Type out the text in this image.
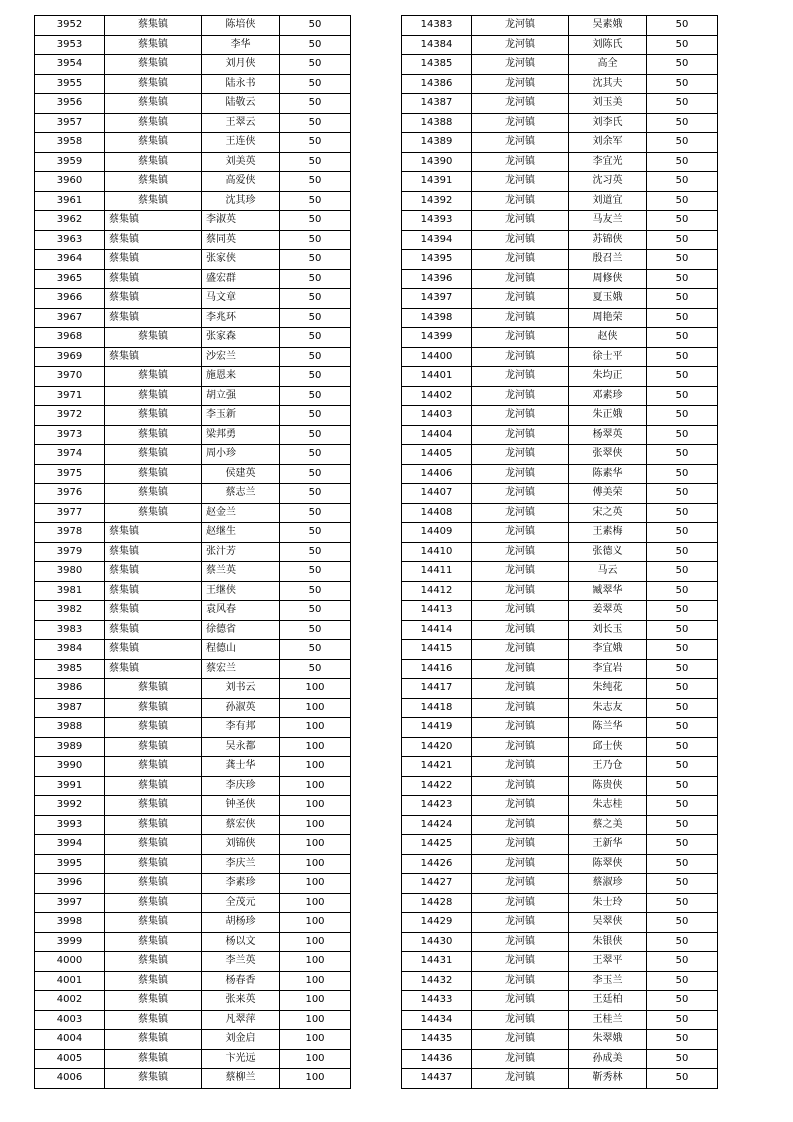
3952	蔡集镇	陈培侠	50
3953	蔡集镇	李华	50
3954	蔡集镇	刘月侠	50
3955	蔡集镇	陆永书	50
3956	蔡集镇	陆敬云	50
3957	蔡集镇	王翠云	50
3958	蔡集镇	王连侠	50
3959	蔡集镇	刘美英	50
3960	蔡集镇	高爱侠	50
3961	蔡集镇	沈其珍	50
3962	蔡集镇	李淑英	50
3963	蔡集镇	蔡同英	50
3964	蔡集镇	张家侠	50
3965	蔡集镇	盛宏群	50
3966	蔡集镇	马文章	50
3967	蔡集镇	李兆环	50
3968	蔡集镇	张家森	50
3969	蔡集镇	沙宏兰	50
3970	蔡集镇	施恩来	50
3971	蔡集镇	胡立强	50
3972	蔡集镇	李玉新	50
3973	蔡集镇	梁邦勇	50
3974	蔡集镇	周小珍	50
3975	蔡集镇	侯建英	50
3976	蔡集镇	蔡志兰	50
3977	蔡集镇	赵金兰	50
3978	蔡集镇	赵继生	50
3979	蔡集镇	张汁芳	50
3980	蔡集镇	蔡兰英	50
3981	蔡集镇	王继侠	50
3982	蔡集镇	袁风春	50
3983	蔡集镇	徐德省	50
3984	蔡集镇	程德山	50
3985	蔡集镇	蔡宏兰	50
3986	蔡集镇	刘书云	100
3987	蔡集镇	孙淑英	100
3988	蔡集镇	李有邦	100
3989	蔡集镇	吴永都	100
3990	蔡集镇	龚士华	100
3991	蔡集镇	李庆珍	100
3992	蔡集镇	钟圣侠	100
3993	蔡集镇	蔡宏侠	100
3994	蔡集镇	刘锦侠	100
3995	蔡集镇	李庆兰	100
3996	蔡集镇	李素珍	100
3997	蔡集镇	全茂元	100
3998	蔡集镇	胡杨珍	100
3999	蔡集镇	杨以文	100
4000	蔡集镇	李兰英	100
4001	蔡集镇	杨春香	100
4002	蔡集镇	张来英	100
4003	蔡集镇	凡翠萍	100
4004	蔡集镇	刘金启	100
4005	蔡集镇	卞光远	100
4006	蔡集镇	蔡柳兰	100
14383	龙河镇	吴素娥	50
14384	龙河镇	刘陈氏	50
14385	龙河镇	高全	50
14386	龙河镇	沈其夫	50
14387	龙河镇	刘玉美	50
14388	龙河镇	刘李氏	50
14389	龙河镇	刘余军	50
14390	龙河镇	李宜光	50
14391	龙河镇	沈习英	50
14392	龙河镇	刘道宜	50
14393	龙河镇	马友兰	50
14394	龙河镇	苏锦侠	50
14395	龙河镇	殷召兰	50
14396	龙河镇	周修侠	50
14397	龙河镇	夏玉娥	50
14398	龙河镇	周艳荣	50
14399	龙河镇	赵侠	50
14400	龙河镇	徐士平	50
14401	龙河镇	朱均正	50
14402	龙河镇	邓素珍	50
14403	龙河镇	朱正娥	50
14404	龙河镇	杨翠英	50
14405	龙河镇	张翠侠	50
14406	龙河镇	陈素华	50
14407	龙河镇	傅美荣	50
14408	龙河镇	宋之英	50
14409	龙河镇	王素梅	50
14410	龙河镇	张德义	50
14411	龙河镇	马云	50
14412	龙河镇	臧翠华	50
14413	龙河镇	姜翠英	50
14414	龙河镇	刘长玉	50
14415	龙河镇	李宜娥	50
14416	龙河镇	李宜岩	50
14417	龙河镇	朱纯花	50
14418	龙河镇	朱志友	50
14419	龙河镇	陈兰华	50
14420	龙河镇	邱士侠	50
14421	龙河镇	王乃仓	50
14422	龙河镇	陈贵侠	50
14423	龙河镇	朱志桂	50
14424	龙河镇	蔡之美	50
14425	龙河镇	王新华	50
14426	龙河镇	陈翠侠	50
14427	龙河镇	蔡淑珍	50
14428	龙河镇	朱士玲	50
14429	龙河镇	吴翠侠	50
14430	龙河镇	朱银侠	50
14431	龙河镇	王翠平	50
14432	龙河镇	李玉兰	50
14433	龙河镇	王廷柏	50
14434	龙河镇	王桂兰	50
14435	龙河镇	朱翠娥	50
14436	龙河镇	孙成美	50
14437	龙河镇	靳秀林	50
